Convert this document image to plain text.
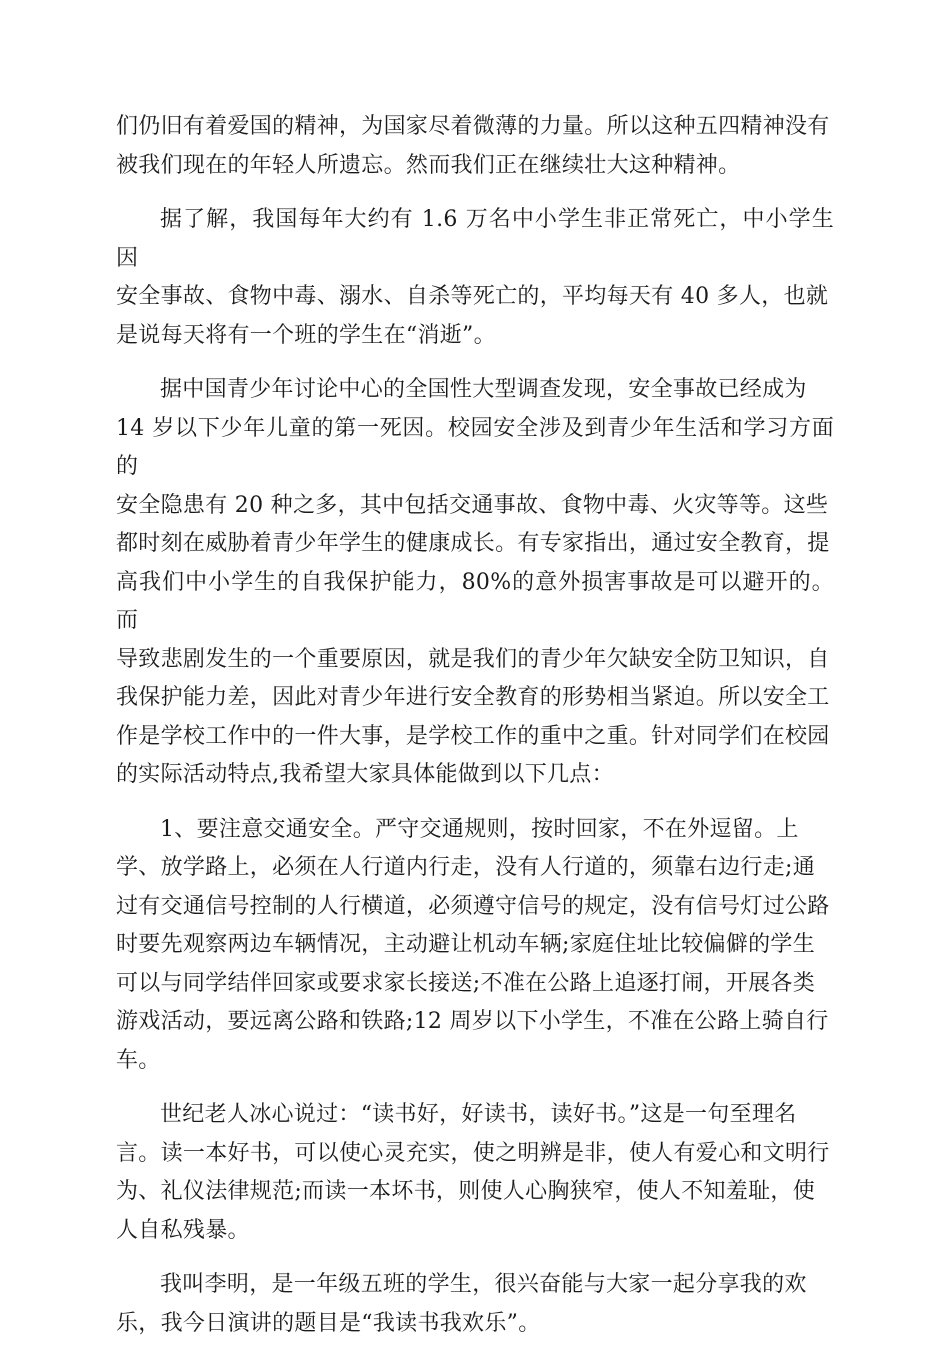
们仍旧有着爱国的精神，为国家尽着微薄的力量。所以这种五四精神没有
被我们现在的年轻人所遗忘。然而我们正在继续壮大这种精神。

据了解，我国每年大约有 1.6 万名中小学生非正常死亡，中小学生因
安全事故、食物中毒、溺水、自杀等死亡的，平均每天有 40 多人，也就
是说每天将有一个班的学生在“消逝”。

据中国青少年讨论中心的全国性大型调查发现，安全事故已经成为
14 岁以下少年儿童的第一死因。校园安全涉及到青少年生活和学习方面的
安全隐患有 20 种之多，其中包括交通事故、食物中毒、火灾等等。这些
都时刻在威胁着青少年学生的健康成长。有专家指出，通过安全教育，提
高我们中小学生的自我保护能力，80%的意外损害事故是可以避开的。而
导致悲剧发生的一个重要原因，就是我们的青少年欠缺安全防卫知识，自
我保护能力差，因此对青少年进行安全教育的形势相当紧迫。所以安全工
作是学校工作中的一件大事，是学校工作的重中之重。针对同学们在校园
的实际活动特点,我希望大家具体能做到以下几点：

1、要注意交通安全。严守交通规则，按时回家，不在外逗留。上
学、放学路上，必须在人行道内行走，没有人行道的，须靠右边行走;通
过有交通信号控制的人行横道，必须遵守信号的规定，没有信号灯过公路
时要先观察两边车辆情况，主动避让机动车辆;家庭住址比较偏僻的学生
可以与同学结伴回家或要求家长接送;不准在公路上追逐打闹，开展各类
游戏活动，要远离公路和铁路;12 周岁以下小学生，不准在公路上骑自行
车。

世纪老人冰心说过：“读书好，好读书，读好书。”这是一句至理名
言。读一本好书，可以使心灵充实，使之明辨是非，使人有爱心和文明行
为、礼仪法律规范;而读一本坏书，则使人心胸狭窄，使人不知羞耻，使
人自私残暴。

我叫李明，是一年级五班的学生，很兴奋能与大家一起分享我的欢
乐，我今日演讲的题目是“我读书我欢乐”。
